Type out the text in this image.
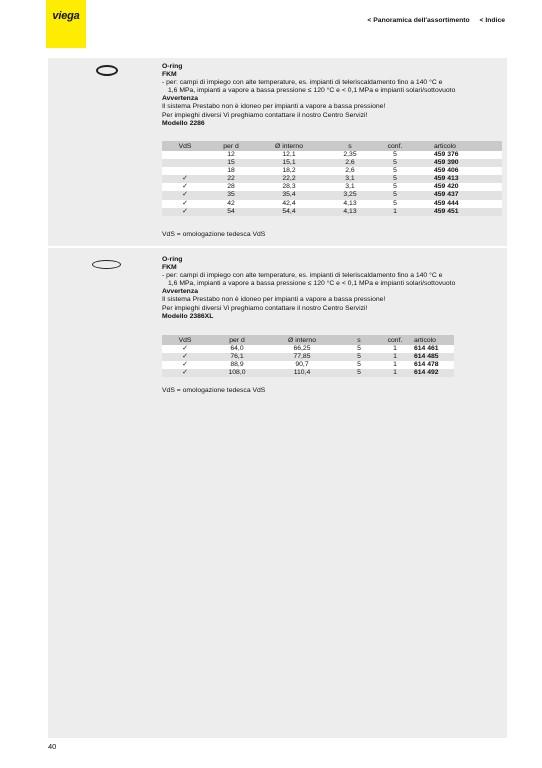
viega	< Panoramica dell'assortimento < Indice
O-ring
FKM
- per: campi di impiego con alte temperature, es. impianti di teleriscaldamento fino a 140 °C e
1,6 MPa, impianti a vapore a bassa pressione ≤ 120 °C e < 0,1 MPa e impianti solari/sottovuoto
Avvertenza
Il sistema Prestabo non è idoneo per impianti a vapore a bassa pressione!
Per impieghi diversi Vi preghiamo contattare il nostro Centro Servizi!
Modello 2286
VdS	per d	Ø interno	s	conf.	articolo
	12	12,1	2,35	5	459 376
	15	15,1	2,6	5	459 390
	18	18,2	2,6	5	459 406
✓	22	22,2	3,1	5	459 413
✓	28	28,3	3,1	5	459 420
✓	35	35,4	3,25	5	459 437
✓	42	42,4	4,13	5	459 444
✓	54	54,4	4,13	1	459 451
VdS = omologazione tedesca VdS
O-ring
FKM
- per: campi di impiego con alte temperature, es. impianti di teleriscaldamento fino a 140 °C e
1,6 MPa, impianti a vapore a bassa pressione ≤ 120 °C e < 0,1 MPa e impianti solari/sottovuoto
Avvertenza
Il sistema Prestabo non è idoneo per impianti a vapore a bassa pressione!
Per impieghi diversi Vi preghiamo contattare il nostro Centro Servizi!
Modello 2386XL
VdS	per d	Ø interno	s	conf.	articolo
✓	64,0	66,25	5	1	614 461
✓	76,1	77,85	5	1	614 485
✓	88,9	90,7	5	1	614 478
✓	108,0	110,4	5	1	614 492
VdS = omologazione tedesca VdS
40
